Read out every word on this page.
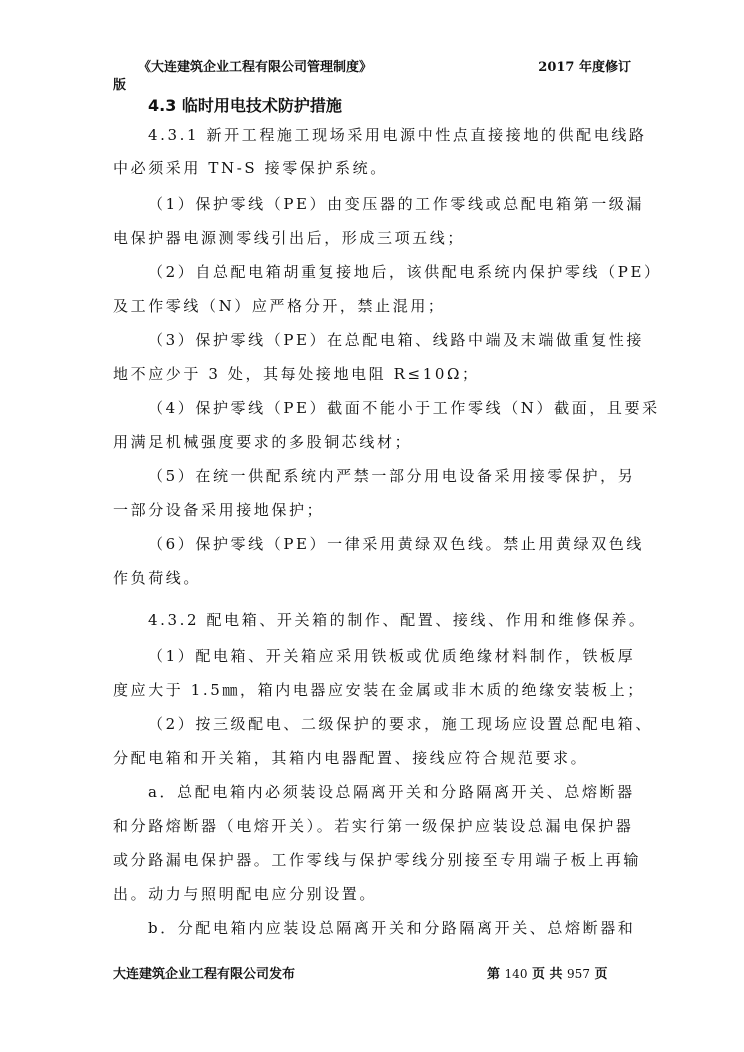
《大连建筑企业工程有限公司管理制度》	2017 年度修订
版
4.3 临时用电技术防护措施
4.3.1 新开工程施工现场采用电源中性点直接接地的供配电线路
中必须采用 TN-S 接零保护系统。
（1）保护零线（PE）由变压器的工作零线或总配电箱第一级漏
电保护器电源测零线引出后，形成三项五线；
（2）自总配电箱胡重复接地后，该供配电系统内保护零线（PE）
及工作零线（N）应严格分开，禁止混用；
（3）保护零线（PE）在总配电箱、线路中端及末端做重复性接
地不应少于 3 处，其每处接地电阻 R≤10Ω；
（4）保护零线（PE）截面不能小于工作零线（N）截面，且要采
用满足机械强度要求的多股铜芯线材；
（5）在统一供配系统内严禁一部分用电设备采用接零保护，另
一部分设备采用接地保护；
（6）保护零线（PE）一律采用黄绿双色线。禁止用黄绿双色线
作负荷线。
4.3.2 配电箱、开关箱的制作、配置、接线、作用和维修保养。
（1）配电箱、开关箱应采用铁板或优质绝缘材料制作，铁板厚
度应大于 1.5㎜，箱内电器应安装在金属或非木质的绝缘安装板上；
（2）按三级配电、二级保护的要求，施工现场应设置总配电箱、
分配电箱和开关箱，其箱内电器配置、接线应符合规范要求。
a．总配电箱内必须装设总隔离开关和分路隔离开关、总熔断器
和分路熔断器（电熔开关）。若实行第一级保护应装设总漏电保护器
或分路漏电保护器。工作零线与保护零线分别接至专用端子板上再输
出。动力与照明配电应分别设置。
b．分配电箱内应装设总隔离开关和分路隔离开关、总熔断器和
大连建筑企业工程有限公司发布	第 140 页 共 957 页
